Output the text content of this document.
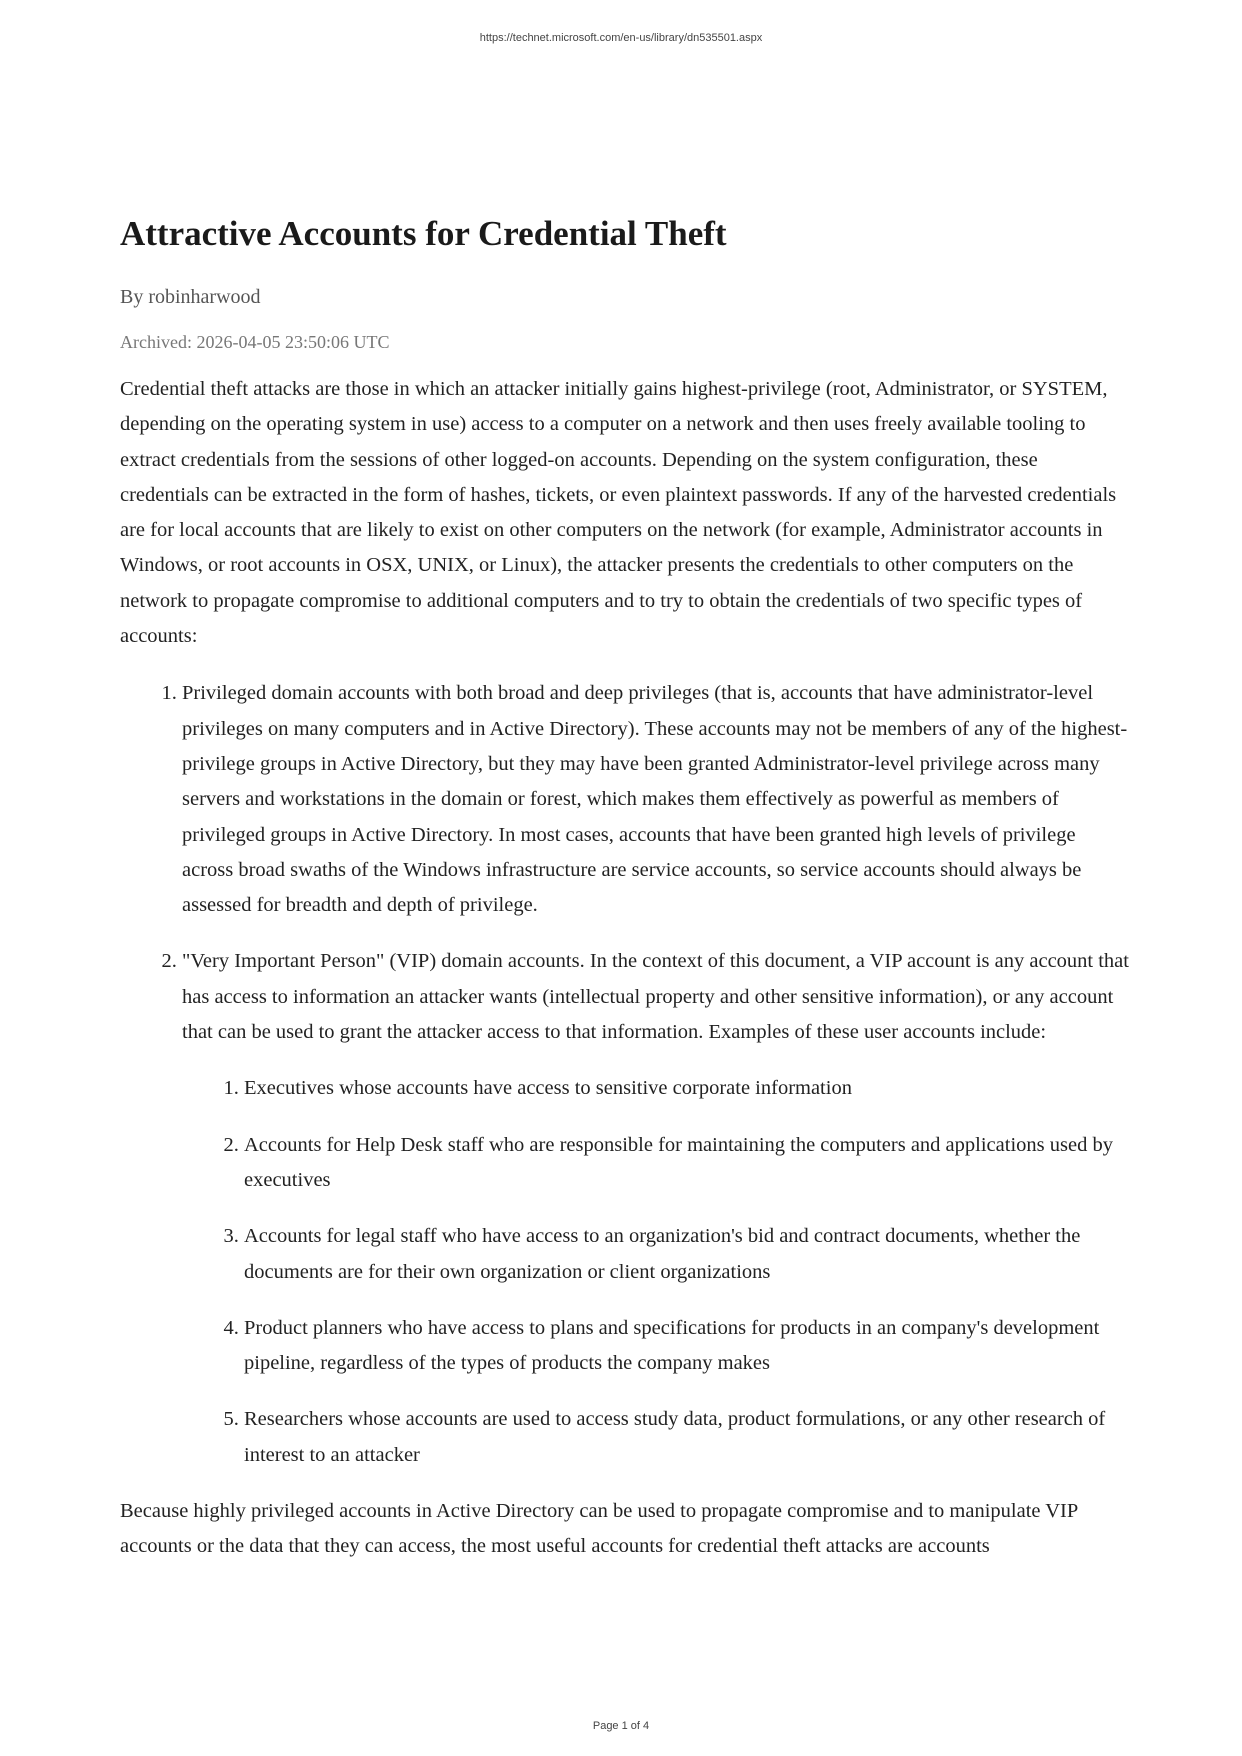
https://technet.microsoft.com/en-us/library/dn535501.aspx
Attractive Accounts for Credential Theft

By robinharwood

Archived: 2026-04-05 23:50:06 UTC

Credential theft attacks are those in which an attacker initially gains highest-privilege (root, Administrator, or SYSTEM, depending on the operating system in use) access to a computer on a network and then uses freely available tooling to extract credentials from the sessions of other logged-on accounts. Depending on the system configuration, these credentials can be extracted in the form of hashes, tickets, or even plaintext passwords. If any of the harvested credentials are for local accounts that are likely to exist on other computers on the network (for example, Administrator accounts in Windows, or root accounts in OSX, UNIX, or Linux), the attacker presents the credentials to other computers on the network to propagate compromise to additional computers and to try to obtain the credentials of two specific types of accounts:

1. Privileged domain accounts with both broad and deep privileges (that is, accounts that have administrator-level privileges on many computers and in Active Directory). These accounts may not be members of any of the highest-privilege groups in Active Directory, but they may have been granted Administrator-level privilege across many servers and workstations in the domain or forest, which makes them effectively as powerful as members of privileged groups in Active Directory. In most cases, accounts that have been granted high levels of privilege across broad swaths of the Windows infrastructure are service accounts, so service accounts should always be assessed for breadth and depth of privilege.
2. "Very Important Person" (VIP) domain accounts. In the context of this document, a VIP account is any account that has access to information an attacker wants (intellectual property and other sensitive information), or any account that can be used to grant the attacker access to that information. Examples of these user accounts include:
1. Executives whose accounts have access to sensitive corporate information
2. Accounts for Help Desk staff who are responsible for maintaining the computers and applications used by executives
3. Accounts for legal staff who have access to an organization's bid and contract documents, whether the documents are for their own organization or client organizations
4. Product planners who have access to plans and specifications for products in an company's development pipeline, regardless of the types of products the company makes
5. Researchers whose accounts are used to access study data, product formulations, or any other research of interest to an attacker

Because highly privileged accounts in Active Directory can be used to propagate compromise and to manipulate VIP accounts or the data that they can access, the most useful accounts for credential theft attacks are accounts

Page 1 of 4
